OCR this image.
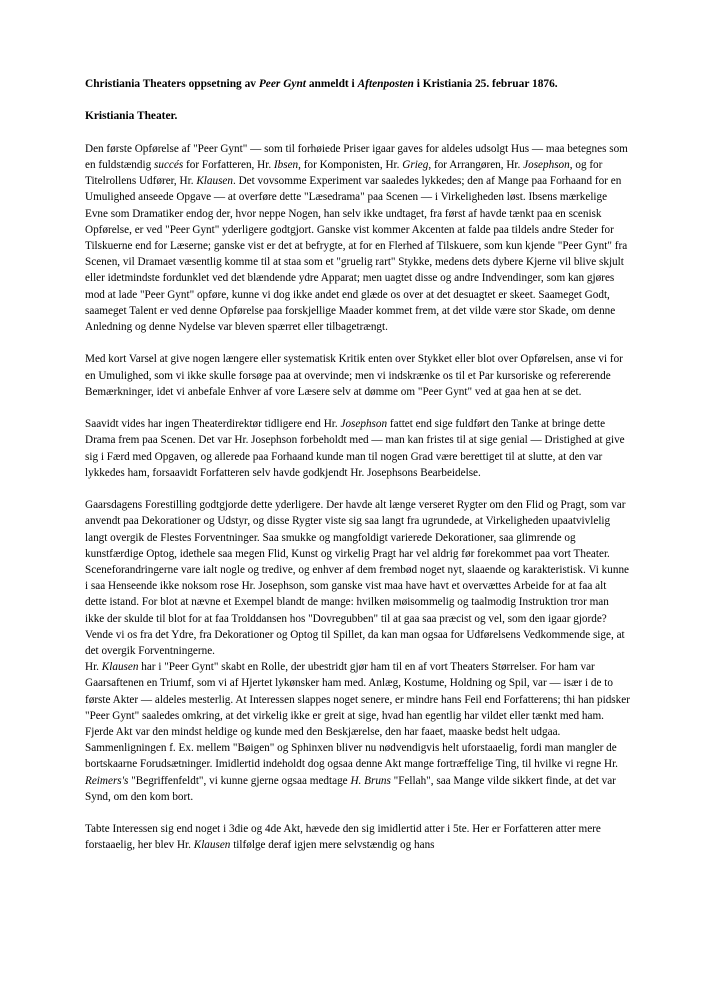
Christiania Theaters oppsetning av Peer Gynt anmeldt i Aftenposten i Kristiania 25. februar 1876.
Kristiania Theater.

Den første Opførelse af "Peer Gynt" — som til forhøiede Priser igaar gaves for aldeles udsolgt Hus — maa betegnes som en fuldstændig succés for Forfatteren, Hr. Ibsen, for Komponisten, Hr. Grieg, for Arrangøren, Hr. Josephson, og for Titelrollens Udfører, Hr. Klausen. Det vovsomme Experiment var saaledes lykkedes; den af Mange paa Forhaand for en Umulighed anseede Opgave — at overføre dette "Læsedrama" paa Scenen — i Virkeligheden løst. Ibsens mærkelige Evne som Dramatiker endog der, hvor neppe Nogen, han selv ikke undtaget, fra først af havde tænkt paa en scenisk Opførelse, er ved "Peer Gynt" yderligere godtgjort. Ganske vist kommer Akcenten at falde paa tildels andre Steder for Tilskuerne end for Læserne; ganske vist er det at befrygte, at for en Flerhed af Tilskuere, som kun kjende "Peer Gynt" fra Scenen, vil Dramaet væsentlig komme til at staa som et "gruelig rart" Stykke, medens dets dybere Kjerne vil blive skjult eller idetmindste fordunklet ved det blændende ydre Apparat; men uagtet disse og andre Indvendinger, som kan gjøres mod at lade "Peer Gynt" opføre, kunne vi dog ikke andet end glæde os over at det desuagtet er skeet. Saameget Godt, saameget Talent er ved denne Opførelse paa forskjellige Maader kommet frem, at det vilde være stor Skade, om denne Anledning og denne Nydelse var bleven spærret eller tilbagetrængt.

Med kort Varsel at give nogen længere eller systematisk Kritik enten over Stykket eller blot over Opførelsen, anse vi for en Umulighed, som vi ikke skulle forsøge paa at overvinde; men vi indskrænke os til et Par kursoriske og refererende Bemærkninger, idet vi anbefale Enhver af vore Læsere selv at dømme om "Peer Gynt" ved at gaa hen at se det.

Saavidt vides har ingen Theaterdirektør tidligere end Hr. Josephson fattet end sige fuldført den Tanke at bringe dette Drama frem paa Scenen. Det var Hr. Josephson forbeholdt med — man kan fristes til at sige genial — Dristighed at give sig i Færd med Opgaven, og allerede paa Forhaand kunde man til nogen Grad være berettiget til at slutte, at den var lykkedes ham, forsaavidt Forfatteren selv havde godkjendt Hr. Josephsons Bearbeidelse.

Gaarsdagens Forestilling godtgjorde dette yderligere. Der havde alt længe verseret Rygter om den Flid og Pragt, som var anvendt paa Dekorationer og Udstyr, og disse Rygter viste sig saa langt fra ugrundede, at Virkeligheden upaatvivlelig langt overgik de Flestes Forventninger. Saa smukke og mangfoldigt varierede Dekorationer, saa glimrende og kunstfærdige Optog, idethele saa megen Flid, Kunst og virkelig Pragt har vel aldrig før forekommet paa vort Theater. Sceneforandringerne vare ialt nogle og tredive, og enhver af dem frembød noget nyt, slaaende og karakteristisk. Vi kunne i saa Henseende ikke noksom rose Hr. Josephson, som ganske vist maa have havt et overvættes Arbeide for at faa alt dette istand. For blot at nævne et Exempel blandt de mange: hvilken møisommelig og taalmodig Instruktion tror man ikke der skulde til blot for at faa Trolddansen hos "Dovregubben" til at gaa saa præcist og vel, som den igaar gjorde? Vende vi os fra det Ydre, fra Dekorationer og Optog til Spillet, da kan man ogsaa for Udførelsens Vedkommende sige, at det overgik Forventningerne.
Hr. Klausen har i "Peer Gynt" skabt en Rolle, der ubestridt gjør ham til en af vort Theaters Størrelser. For ham var Gaarsaftenen en Triumf, som vi af Hjertet lykønsker ham med. Anlæg, Kostume, Holdning og Spil, var — især i de to første Akter — aldeles mesterlig. At Interessen slappes noget senere, er mindre hans Feil end Forfatterens; thi han pidsker "Peer Gynt" saaledes omkring, at det virkelig ikke er greit at sige, hvad han egentlig har vildet eller tænkt med ham. Fjerde Akt var den mindst heldige og kunde med den Beskjærelse, den har faaet, maaske bedst helt udgaa. Sammenligningen f. Ex. mellem "Bøigen" og Sphinxen bliver nu nødvendigvis helt uforstaaelig, fordi man mangler de bortskaarne Forudsætninger. Imidlertid indeholdt dog ogsaa denne Akt mange fortræffelige Ting, til hvilke vi regne Hr. Reimers's "Begriffenfeldt", vi kunne gjerne ogsaa medtage H. Bruns "Fellah", saa Mange vilde sikkert finde, at det var Synd, om den kom bort.

Tabte Interessen sig end noget i 3die og 4de Akt, hævede den sig imidlertid atter i 5te. Her er Forfatteren atter mere forstaaelig, her blev Hr. Klausen tilfølge deraf igjen mere selvstændig og hans
